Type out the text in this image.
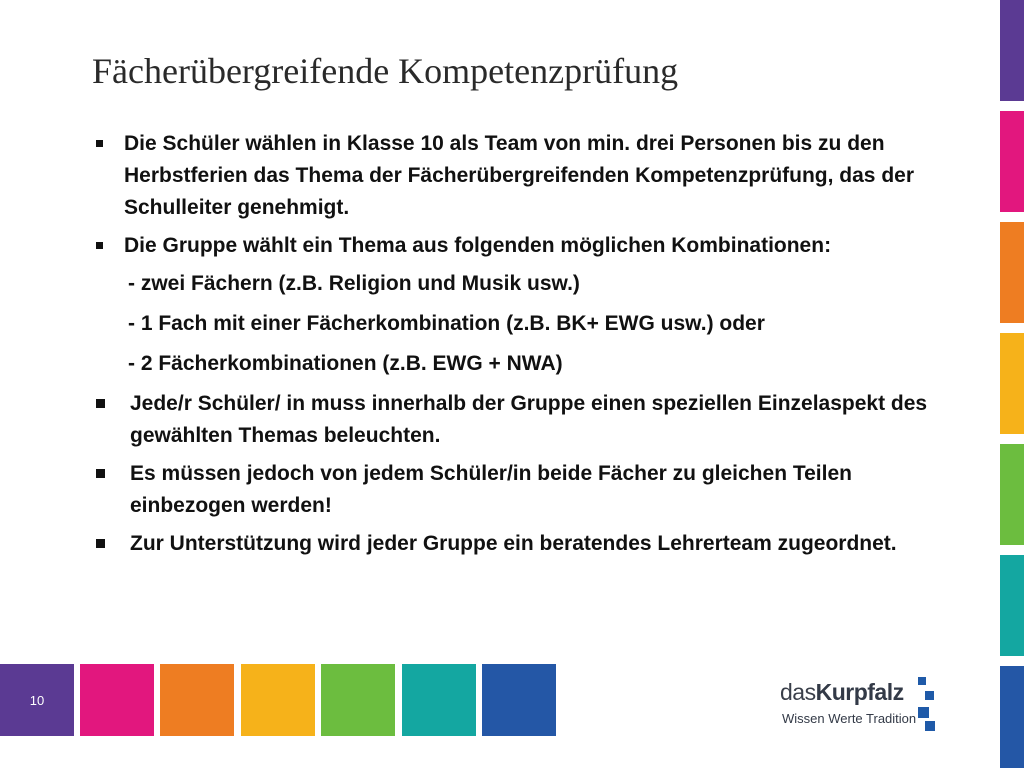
Fächerübergreifende Kompetenzprüfung
Die Schüler wählen in Klasse 10 als Team von min. drei Personen bis zu den Herbstferien das Thema der Fächerübergreifenden Kompetenzprüfung, das der Schulleiter genehmigt.
Die Gruppe wählt ein Thema aus folgenden möglichen Kombinationen:
- zwei Fächern (z.B. Religion und Musik usw.)
- 1 Fach mit einer Fächerkombination (z.B. BK+ EWG usw.) oder
- 2 Fächerkombinationen (z.B. EWG + NWA)
Jede/r Schüler/ in muss innerhalb der Gruppe einen speziellen Einzelaspekt des gewählten Themas beleuchten.
Es müssen jedoch von jedem Schüler/in beide Fächer zu gleichen Teilen einbezogen werden!
Zur Unterstützung wird jeder Gruppe ein beratendes Lehrerteam zugeordnet.
10	dasKurpfalz
Wissen Werte Tradition
